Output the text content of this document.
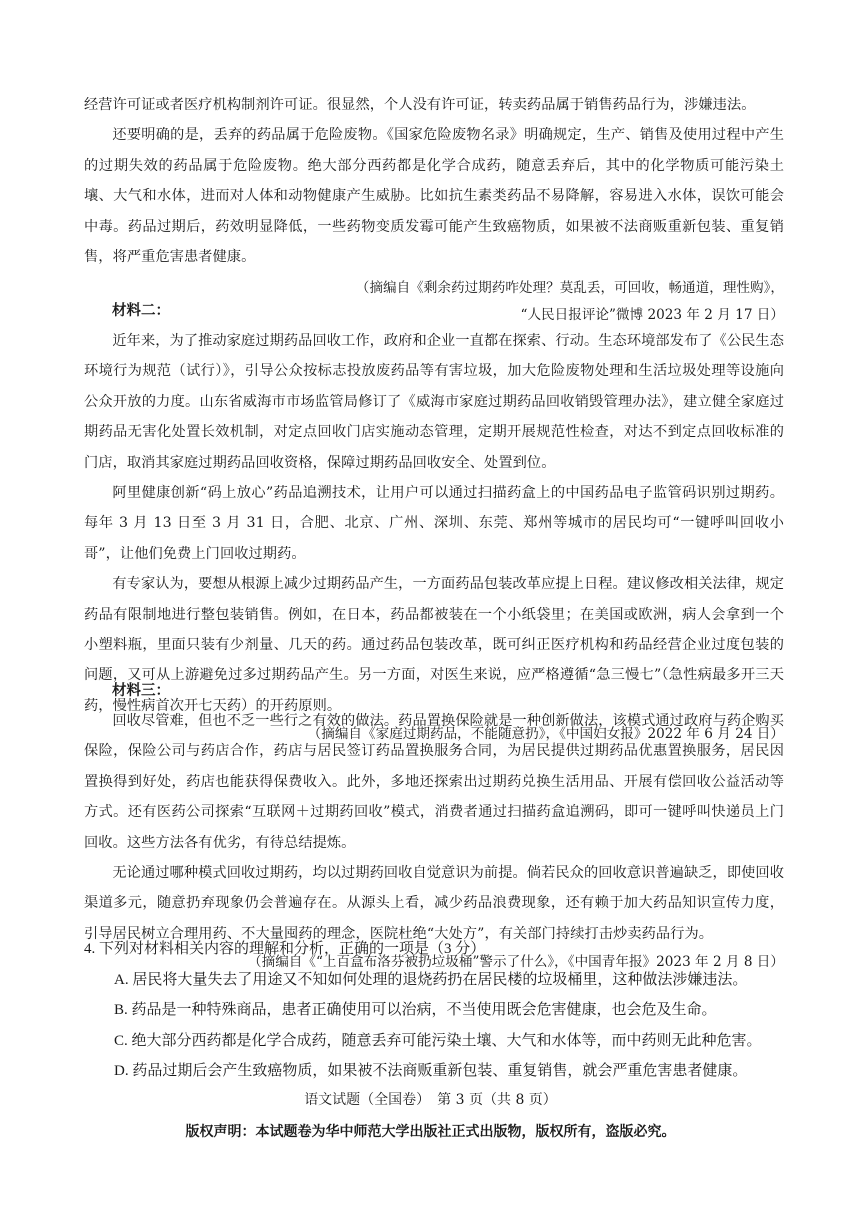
经营许可证或者医疗机构制剂许可证。很显然，个人没有许可证，转卖药品属于销售药品行为，涉嫌违法。

还要明确的是，丢弃的药品属于危险废物。《国家危险废物名录》明确规定，生产、销售及使用过程中产生的过期失效的药品属于危险废物。绝大部分西药都是化学合成药，随意丢弃后，其中的化学物质可能污染土壤、大气和水体，进而对人体和动物健康产生威胁。比如抗生素类药品不易降解，容易进入水体，误饮可能会中毒。药品过期后，药效明显降低，一些药物变质发霉可能产生致癌物质，如果被不法商贩重新包装、重复销售，将严重危害患者健康。

（摘编自《剩余药过期药咋处理？莫乱丢，可回收，畅通道，理性购》，

“人民日报评论”微博 2023 年 2 月 17 日）

材料二：

近年来，为了推动家庭过期药品回收工作，政府和企业一直都在探索、行动。生态环境部发布了《公民生态环境行为规范（试行）》，引导公众按标志投放废药品等有害垃圾，加大危险废物处理和生活垃圾处理等设施向公众开放的力度。山东省威海市市场监管局修订了《威海市家庭过期药品回收销毁管理办法》，建立健全家庭过期药品无害化处置长效机制，对定点回收门店实施动态管理，定期开展规范性检查，对达不到定点回收标准的门店，取消其家庭过期药品回收资格，保障过期药品回收安全、处置到位。

阿里健康创新“码上放心”药品追溯技术，让用户可以通过扫描药盒上的中国药品电子监管码识别过期药。每年 3 月 13 日至 3 月 31 日，合肥、北京、广州、深圳、东莞、郑州等城市的居民均可“一键呼叫回收小哥”，让他们免费上门回收过期药。

有专家认为，要想从根源上减少过期药品产生，一方面药品包装改革应提上日程。建议修改相关法律，规定药品有限制地进行整包装销售。例如，在日本，药品都被装在一个小纸袋里；在美国或欧洲，病人会拿到一个小塑料瓶，里面只装有少剂量、几天的药。通过药品包装改革，既可纠正医疗机构和药品经营企业过度包装的问题，又可从上游避免过多过期药品产生。另一方面，对医生来说，应严格遵循“急三慢七”（急性病最多开三天药，慢性病首次开七天药）的开药原则。

（摘编自《家庭过期药品，不能随意扔》，《中国妇女报》2022 年 6 月 24 日）

材料三：

回收尽管难，但也不乏一些行之有效的做法。药品置换保险就是一种创新做法，该模式通过政府与药企购买保险，保险公司与药店合作，药店与居民签订药品置换服务合同，为居民提供过期药品优惠置换服务，居民因置换得到好处，药店也能获得保费收入。此外，多地还探索出过期药兑换生活用品、开展有偿回收公益活动等方式。还有医药公司探索“互联网＋过期药回收”模式，消费者通过扫描药盒追溯码，即可一键呼叫快递员上门回收。这些方法各有优劣，有待总结提炼。

无论通过哪种模式回收过期药，均以过期药回收自觉意识为前提。倘若民众的回收意识普遍缺乏，即使回收渠道多元，随意扔弃现象仍会普遍存在。从源头上看，减少药品浪费现象，还有赖于加大药品知识宣传力度，引导居民树立合理用药、不大量囤药的理念，医院杜绝“大处方”，有关部门持续打击炒卖药品行为。

（摘编自《“上百盒布洛芬被扔垃圾桶”警示了什么》，《中国青年报》2023 年 2 月 8 日）

4. 下列对材料相关内容的理解和分析，正确的一项是（3 分）

A. 居民将大量失去了用途又不知如何处理的退烧药扔在居民楼的垃圾桶里，这种做法涉嫌违法。

B. 药品是一种特殊商品，患者正确使用可以治病，不当使用既会危害健康，也会危及生命。

C. 绝大部分西药都是化学合成药，随意丢弃可能污染土壤、大气和水体等，而中药则无此种危害。

D. 药品过期后会产生致癌物质，如果被不法商贩重新包装、重复销售，就会严重危害患者健康。

语文试题（全国卷）　第 3 页（共 8 页）
版权声明：本试题卷为华中师范大学出版社正式出版物，版权所有，盗版必究。
